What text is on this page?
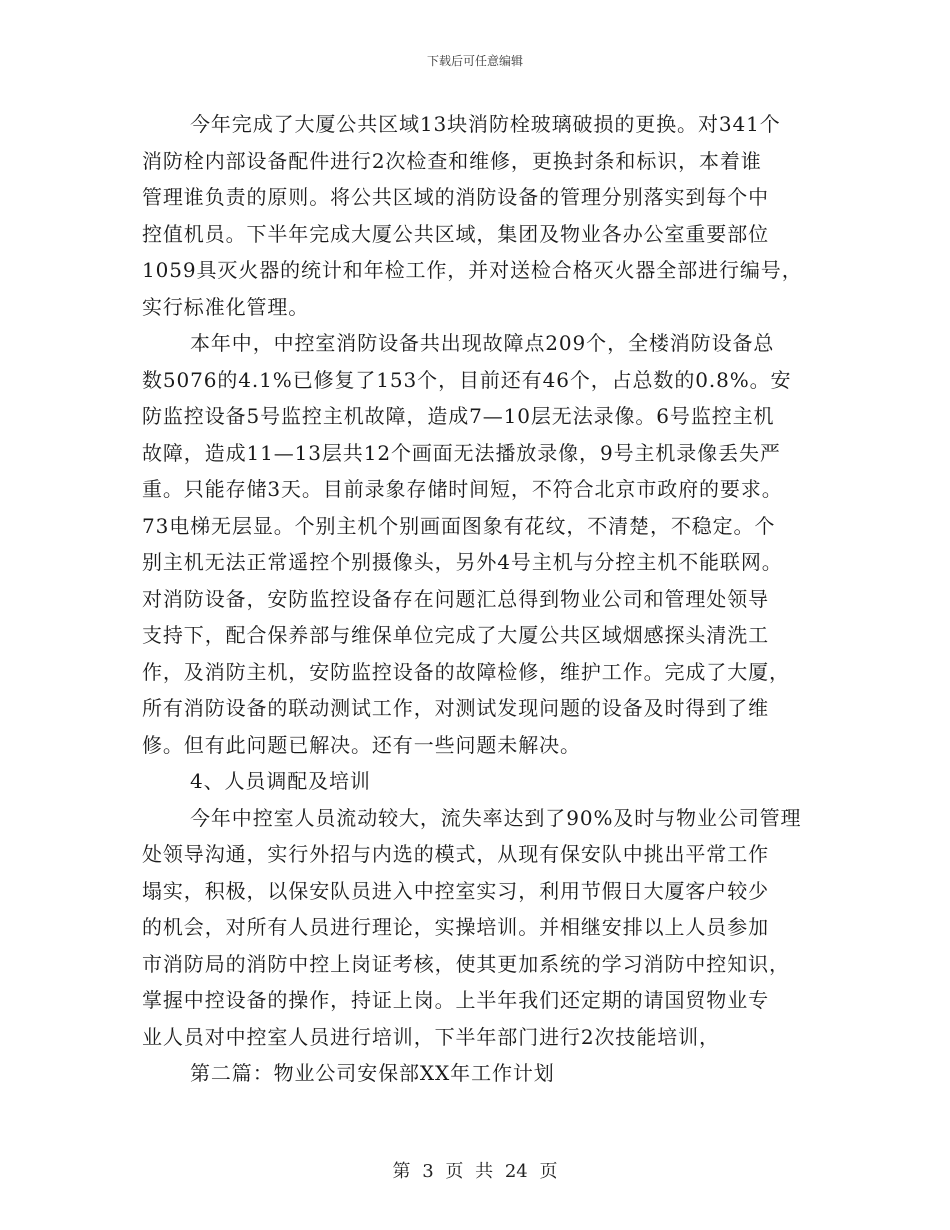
下载后可任意编辑
今年完成了大厦公共区域13块消防栓玻璃破损的更换。对341个
消防栓内部设备配件进行2次检查和维修，更换封条和标识，本着谁
管理谁负责的原则。将公共区域的消防设备的管理分别落实到每个中
控值机员。下半年完成大厦公共区域，集团及物业各办公室重要部位
1059具灭火器的统计和年检工作，并对送检合格灭火器全部进行编号，
实行标准化管理。
本年中，中控室消防设备共出现故障点209个，全楼消防设备总
数5076的4.1%已修复了153个，目前还有46个，占总数的0.8%。安
防监控设备5号监控主机故障，造成7—10层无法录像。6号监控主机
故障，造成11—13层共12个画面无法播放录像，9号主机录像丢失严
重。只能存储3天。目前录象存储时间短，不符合北京市政府的要求。
73电梯无层显。个别主机个别画面图象有花纹，不清楚，不稳定。个
别主机无法正常遥控个别摄像头，另外4号主机与分控主机不能联网。
对消防设备，安防监控设备存在问题汇总得到物业公司和管理处领导
支持下，配合保养部与维保单位完成了大厦公共区域烟感探头清洗工
作，及消防主机，安防监控设备的故障检修，维护工作。完成了大厦，
所有消防设备的联动测试工作，对测试发现问题的设备及时得到了维
修。但有此问题已解决。还有一些问题未解决。
4、人员调配及培训
今年中控室人员流动较大，流失率达到了90%及时与物业公司管理
处领导沟通，实行外招与内选的模式，从现有保安队中挑出平常工作
塌实，积极，以保安队员进入中控室实习，利用节假日大厦客户较少
的机会，对所有人员进行理论，实操培训。并相继安排以上人员参加
市消防局的消防中控上岗证考核，使其更加系统的学习消防中控知识，
掌握中控设备的操作，持证上岗。上半年我们还定期的请国贸物业专
业人员对中控室人员进行培训，下半年部门进行2次技能培训，
第二篇：物业公司安保部XX年工作计划
第 3 页 共 24 页
